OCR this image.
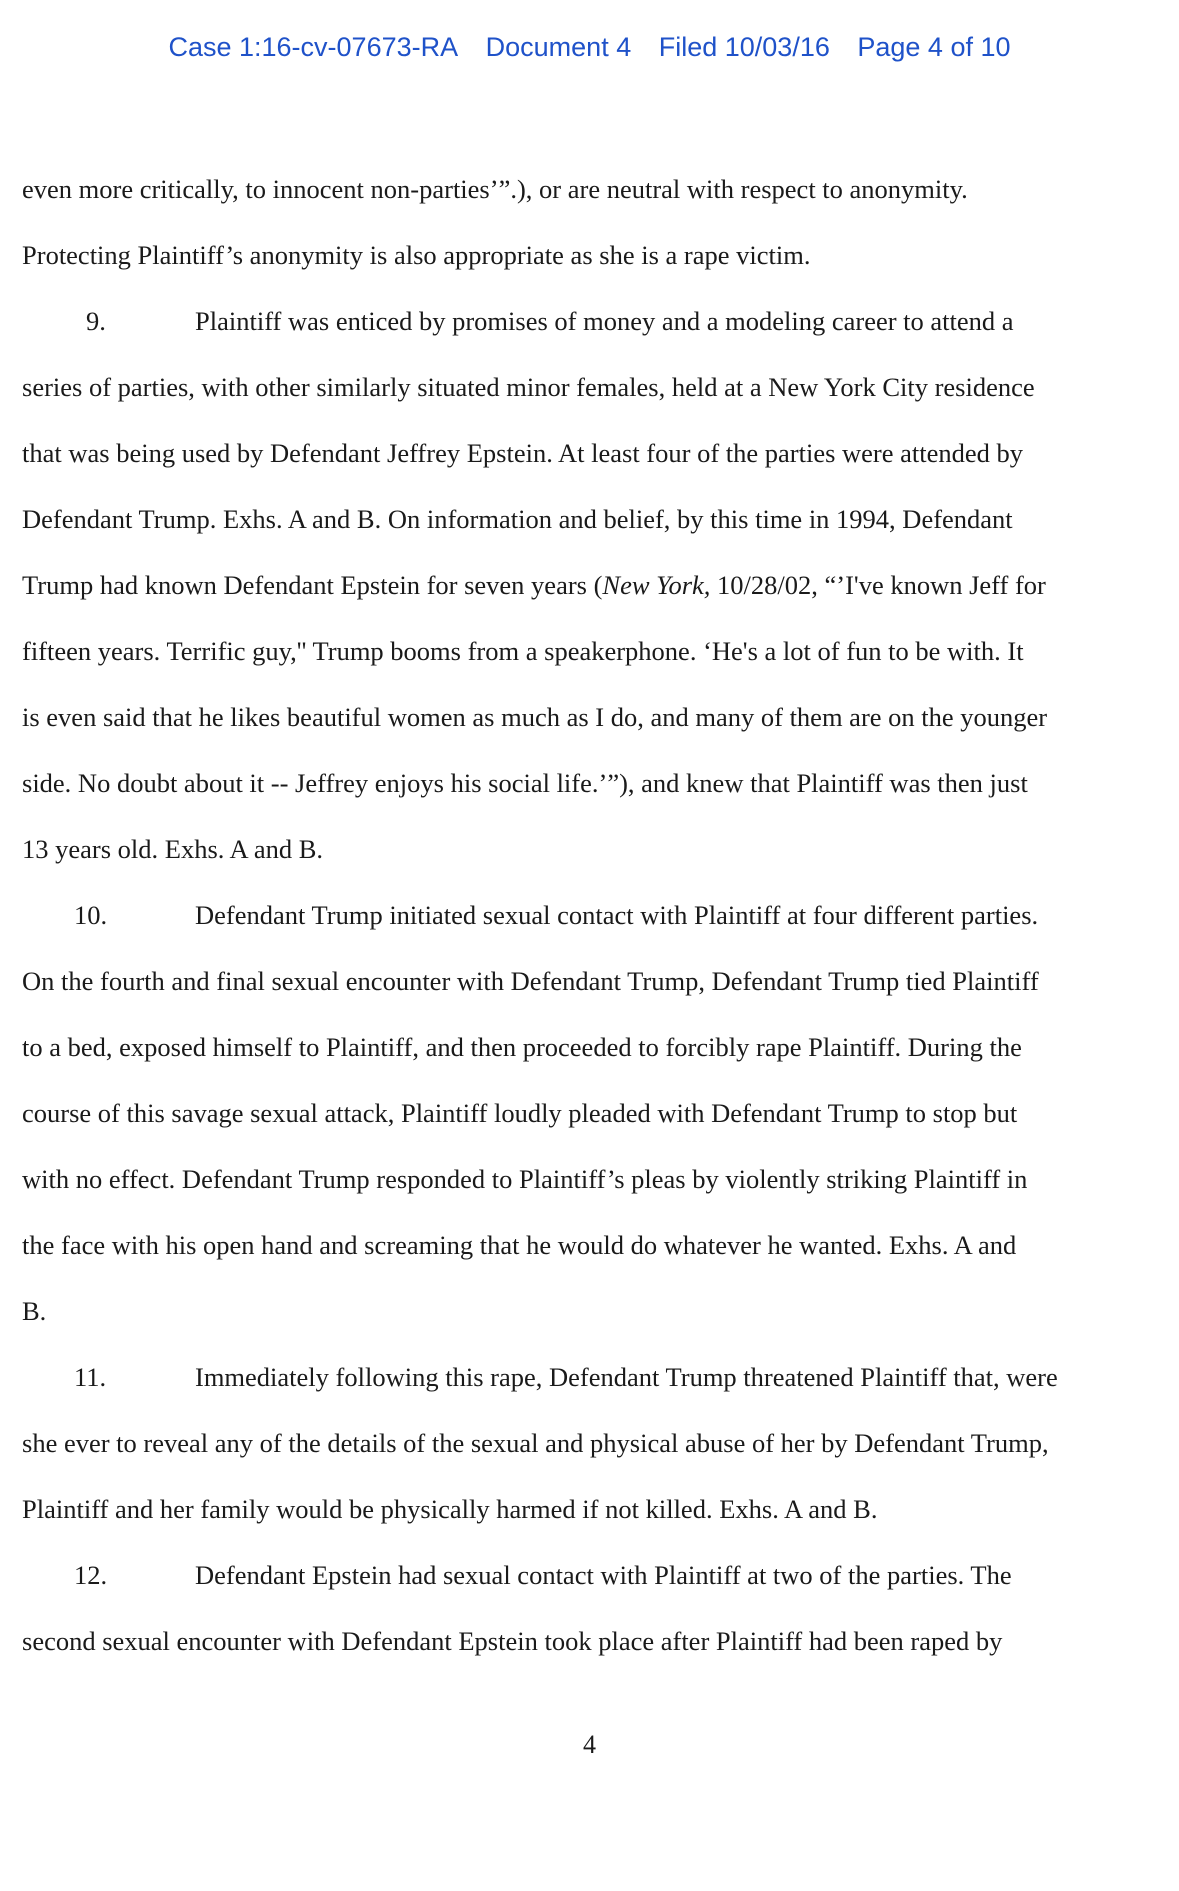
Case 1:16-cv-07673-RA Document 4 Filed 10/03/16 Page 4 of 10
even more critically, to innocent non-parties’”.), or are neutral with respect to anonymity.
Protecting Plaintiff’s anonymity is also appropriate as she is a rape victim.
9.	Plaintiff was enticed by promises of money and a modeling career to attend a
series of parties, with other similarly situated minor females, held at a New York City residence
that was being used by Defendant Jeffrey Epstein. At least four of the parties were attended by
Defendant Trump. Exhs. A and B. On information and belief, by this time in 1994, Defendant
Trump had known Defendant Epstein for seven years (New York, 10/28/02, “’I've known Jeff for
fifteen years. Terrific guy,'' Trump booms from a speakerphone. ‘He's a lot of fun to be with. It
is even said that he likes beautiful women as much as I do, and many of them are on the younger
side. No doubt about it -- Jeffrey enjoys his social life.’”), and knew that Plaintiff was then just
13 years old. Exhs. A and B.
10.	Defendant Trump initiated sexual contact with Plaintiff at four different parties.
On the fourth and final sexual encounter with Defendant Trump, Defendant Trump tied Plaintiff
to a bed, exposed himself to Plaintiff, and then proceeded to forcibly rape Plaintiff. During the
course of this savage sexual attack, Plaintiff loudly pleaded with Defendant Trump to stop but
with no effect. Defendant Trump responded to Plaintiff’s pleas by violently striking Plaintiff in
the face with his open hand and screaming that he would do whatever he wanted. Exhs. A and
B.
11.	Immediately following this rape, Defendant Trump threatened Plaintiff that, were
she ever to reveal any of the details of the sexual and physical abuse of her by Defendant Trump,
Plaintiff and her family would be physically harmed if not killed. Exhs. A and B.
12.	Defendant Epstein had sexual contact with Plaintiff at two of the parties. The
second sexual encounter with Defendant Epstein took place after Plaintiff had been raped by
4
